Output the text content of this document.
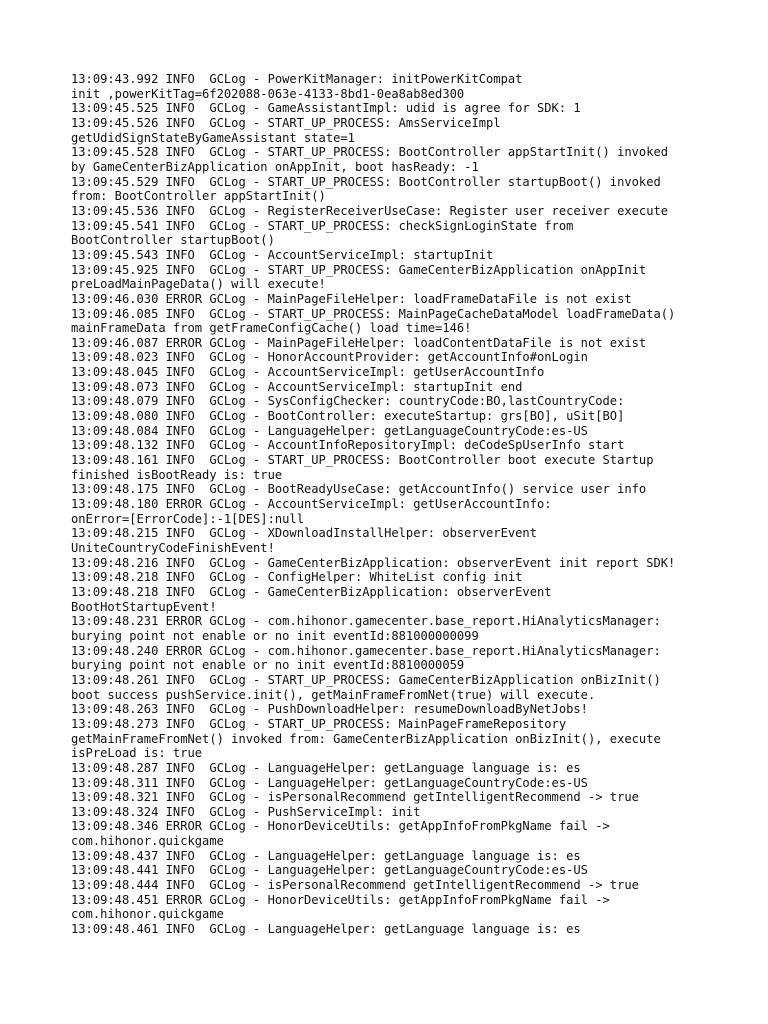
13:09:43.992 INFO  GCLog - PowerKitManager: initPowerKitCompat
init ,powerKitTag=6f202088-063e-4133-8bd1-0ea8ab8ed300
13:09:45.525 INFO  GCLog - GameAssistantImpl: udid is agree for SDK: 1
13:09:45.526 INFO  GCLog - START_UP_PROCESS: AmsServiceImpl
getUdidSignStateByGameAssistant state=1
13:09:45.528 INFO  GCLog - START_UP_PROCESS: BootController appStartInit() invoked
by GameCenterBizApplication onAppInit, boot hasReady: -1
13:09:45.529 INFO  GCLog - START_UP_PROCESS: BootController startupBoot() invoked
from: BootController appStartInit()
13:09:45.536 INFO  GCLog - RegisterReceiverUseCase: Register user receiver execute
13:09:45.541 INFO  GCLog - START_UP_PROCESS: checkSignLoginState from
BootController startupBoot()
13:09:45.543 INFO  GCLog - AccountServiceImpl: startupInit
13:09:45.925 INFO  GCLog - START_UP_PROCESS: GameCenterBizApplication onAppInit
preLoadMainPageData() will execute!
13:09:46.030 ERROR GCLog - MainPageFileHelper: loadFrameDataFile is not exist
13:09:46.085 INFO  GCLog - START_UP_PROCESS: MainPageCacheDataModel loadFrameData()
mainFrameData from getFrameConfigCache() load time=146!
13:09:46.087 ERROR GCLog - MainPageFileHelper: loadContentDataFile is not exist
13:09:48.023 INFO  GCLog - HonorAccountProvider: getAccountInfo#onLogin
13:09:48.045 INFO  GCLog - AccountServiceImpl: getUserAccountInfo
13:09:48.073 INFO  GCLog - AccountServiceImpl: startupInit end
13:09:48.079 INFO  GCLog - SysConfigChecker: countryCode:BO,lastCountryCode:
13:09:48.080 INFO  GCLog - BootController: executeStartup: grs[BO], uSit[BO]
13:09:48.084 INFO  GCLog - LanguageHelper: getLanguageCountryCode:es-US
13:09:48.132 INFO  GCLog - AccountInfoRepositoryImpl: deCodeSpUserInfo start
13:09:48.161 INFO  GCLog - START_UP_PROCESS: BootController boot execute Startup
finished isBootReady is: true
13:09:48.175 INFO  GCLog - BootReadyUseCase: getAccountInfo() service user info
13:09:48.180 ERROR GCLog - AccountServiceImpl: getUserAccountInfo:
onError=[ErrorCode]:-1[DES]:null
13:09:48.215 INFO  GCLog - XDownloadInstallHelper: observerEvent
UniteCountryCodeFinishEvent!
13:09:48.216 INFO  GCLog - GameCenterBizApplication: observerEvent init report SDK!
13:09:48.218 INFO  GCLog - ConfigHelper: WhiteList config init
13:09:48.218 INFO  GCLog - GameCenterBizApplication: observerEvent
BootHotStartupEvent!
13:09:48.231 ERROR GCLog - com.hihonor.gamecenter.base_report.HiAnalyticsManager:
burying point not enable or no init eventId:881000000099
13:09:48.240 ERROR GCLog - com.hihonor.gamecenter.base_report.HiAnalyticsManager:
burying point not enable or no init eventId:8810000059
13:09:48.261 INFO  GCLog - START_UP_PROCESS: GameCenterBizApplication onBizInit()
boot success pushService.init(), getMainFrameFromNet(true) will execute.
13:09:48.263 INFO  GCLog - PushDownloadHelper: resumeDownloadByNetJobs!
13:09:48.273 INFO  GCLog - START_UP_PROCESS: MainPageFrameRepository
getMainFrameFromNet() invoked from: GameCenterBizApplication onBizInit(), execute
isPreLoad is: true
13:09:48.287 INFO  GCLog - LanguageHelper: getLanguage language is: es
13:09:48.311 INFO  GCLog - LanguageHelper: getLanguageCountryCode:es-US
13:09:48.321 INFO  GCLog - isPersonalRecommend getIntelligentRecommend -> true
13:09:48.324 INFO  GCLog - PushServiceImpl: init
13:09:48.346 ERROR GCLog - HonorDeviceUtils: getAppInfoFromPkgName fail ->
com.hihonor.quickgame
13:09:48.437 INFO  GCLog - LanguageHelper: getLanguage language is: es
13:09:48.441 INFO  GCLog - LanguageHelper: getLanguageCountryCode:es-US
13:09:48.444 INFO  GCLog - isPersonalRecommend getIntelligentRecommend -> true
13:09:48.451 ERROR GCLog - HonorDeviceUtils: getAppInfoFromPkgName fail ->
com.hihonor.quickgame
13:09:48.461 INFO  GCLog - LanguageHelper: getLanguage language is: es
